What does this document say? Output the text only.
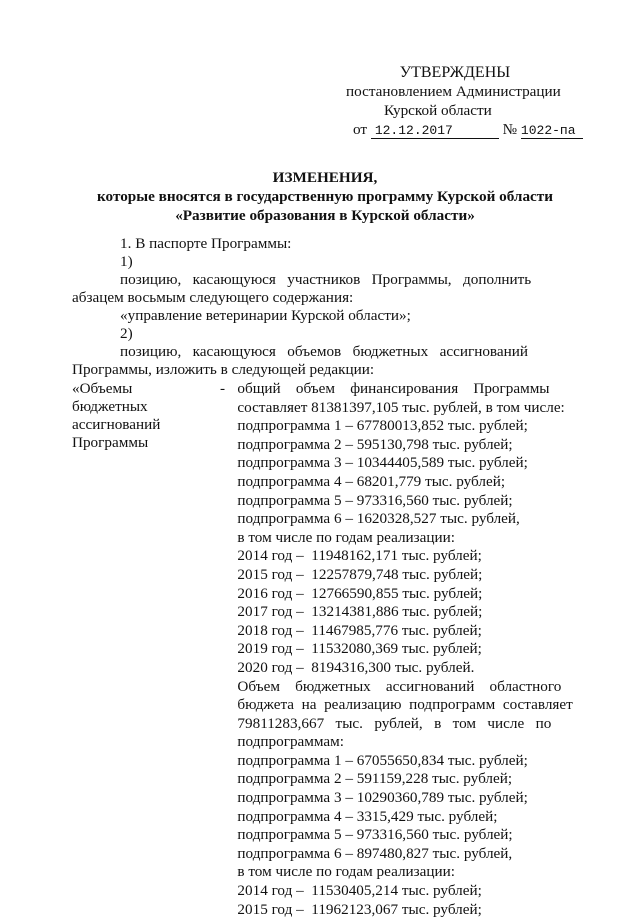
УТВЕРЖДЕНЫ
постановлением Администрации
Курской области
от 12.12.2017	№ 1022-па
ИЗМЕНЕНИЯ,
которые вносятся в государственную программу Курской области
«Развитие образования в Курской области»
1. В паспорте Программы:
1)позицию,   касающуюся   участников   Программы,   дополнить
абзацем восьмым следующего содержания:
«управление ветеринарии Курской области»;
2)позицию,   касающуюся   объемов   бюджетных   ассигнований
Программы, изложить в следующей редакции:
«Объемы
бюджетных
ассигнований
Программы
- общий    объем    финансирования    Программы
составляет 81381397,105 тыс. рублей, в том числе:
подпрограмма 1 – 67780013,852 тыс. рублей;
подпрограмма 2 – 595130,798 тыс. рублей;
подпрограмма 3 – 10344405,589 тыс. рублей;
подпрограмма 4 – 68201,779 тыс. рублей;
подпрограмма 5 – 973316,560 тыс. рублей;
подпрограмма 6 – 1620328,527 тыс. рублей,
в том числе по годам реализации:
2014 год –  11948162,171 тыс. рублей;
2015 год –  12257879,748 тыс. рублей;
2016 год –  12766590,855 тыс. рублей;
2017 год –  13214381,886 тыс. рублей;
2018 год –  11467985,776 тыс. рублей;
2019 год –  11532080,369 тыс. рублей;
2020 год –  8194316,300 тыс. рублей.
Объем    бюджетных    ассигнований    областного
бюджета  на  реализацию  подпрограмм  составляет
79811283,667   тыс.   рублей,   в   том   числе   по
подпрограммам:
подпрограмма 1 – 67055650,834 тыс. рублей;
подпрограмма 2 – 591159,228 тыс. рублей;
подпрограмма 3 – 10290360,789 тыс. рублей;
подпрограмма 4 – 3315,429 тыс. рублей;
подпрограмма 5 – 973316,560 тыс. рублей;
подпрограмма 6 – 897480,827 тыс. рублей,
в том числе по годам реализации:
2014 год –  11530405,214 тыс. рублей;
2015 год –  11962123,067 тыс. рублей;
